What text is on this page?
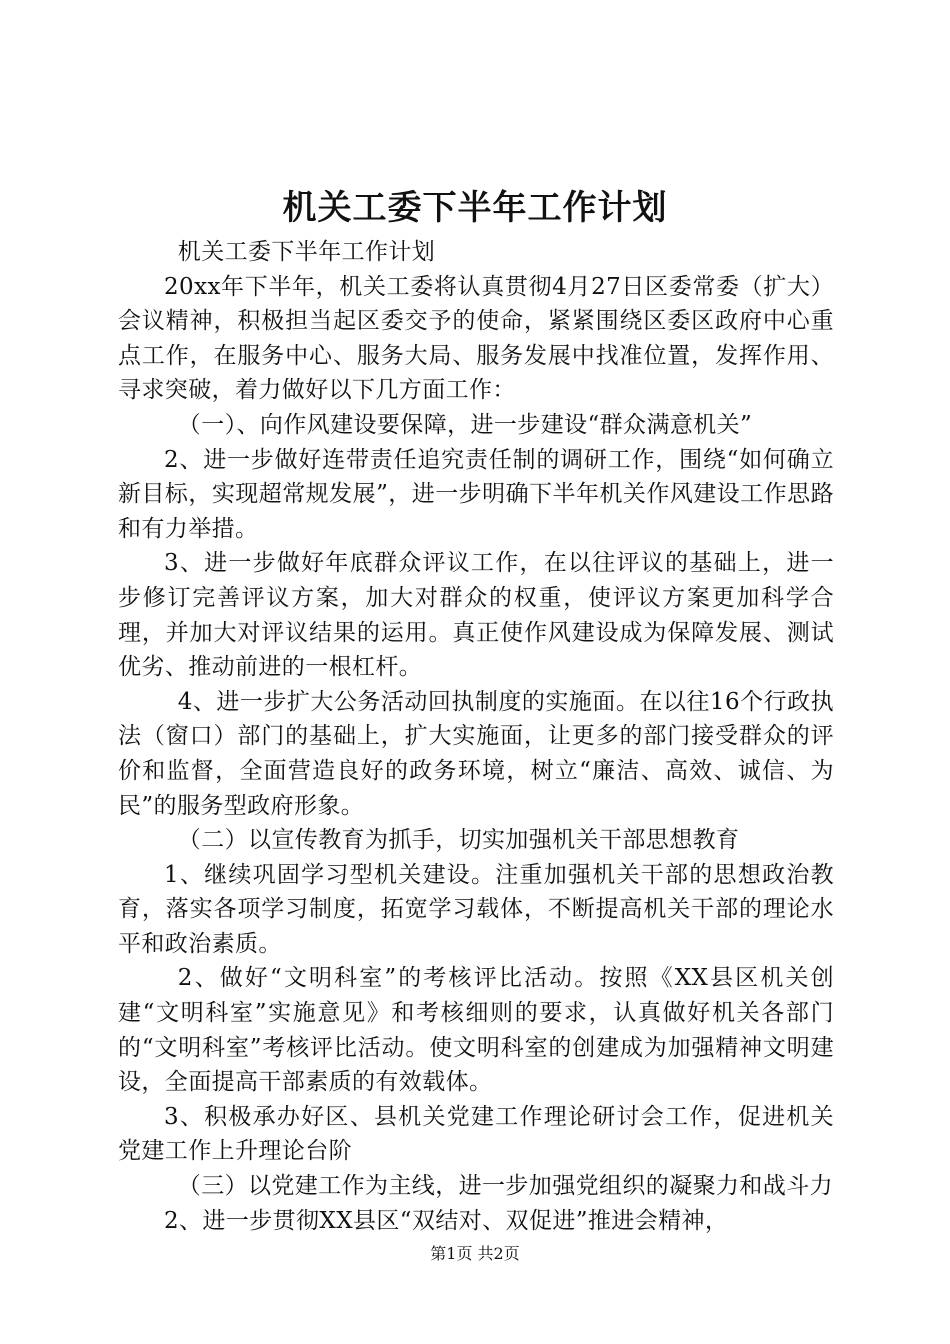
机关工委下半年工作计划

机关工委下半年工作计划

20xx年下半年，机关工委将认真贯彻4月27日区委常委（扩大）会议精神，积极担当起区委交予的使命，紧紧围绕区委区政府中心重点工作，在服务中心、服务大局、服务发展中找准位置，发挥作用、寻求突破，着力做好以下几方面工作：

（一）、向作风建设要保障，进一步建设“群众满意机关”

2、进一步做好连带责任追究责任制的调研工作，围绕“如何确立新目标，实现超常规发展”，进一步明确下半年机关作风建设工作思路和有力举措。

3、进一步做好年底群众评议工作，在以往评议的基础上，进一步修订完善评议方案，加大对群众的权重，使评议方案更加科学合理，并加大对评议结果的运用。真正使作风建设成为保障发展、测试优劣、推动前进的一根杠杆。

4、进一步扩大公务活动回执制度的实施面。在以往16个行政执法（窗口）部门的基础上，扩大实施面，让更多的部门接受群众的评价和监督，全面营造良好的政务环境，树立“廉洁、高效、诚信、为民”的服务型政府形象。

（二）以宣传教育为抓手，切实加强机关干部思想教育

1、继续巩固学习型机关建设。注重加强机关干部的思想政治教育，落实各项学习制度，拓宽学习载体，不断提高机关干部的理论水平和政治素质。

2、做好“文明科室”的考核评比活动。按照《XX县区机关创建“文明科室”实施意见》和考核细则的要求，认真做好机关各部门的“文明科室”考核评比活动。使文明科室的创建成为加强精神文明建设，全面提高干部素质的有效载体。

3、积极承办好区、县机关党建工作理论研讨会工作，促进机关党建工作上升理论台阶

（三）以党建工作为主线，进一步加强党组织的凝聚力和战斗力

2、进一步贯彻XX县区“双结对、双促进”推进会精神，

第1页 共2页
